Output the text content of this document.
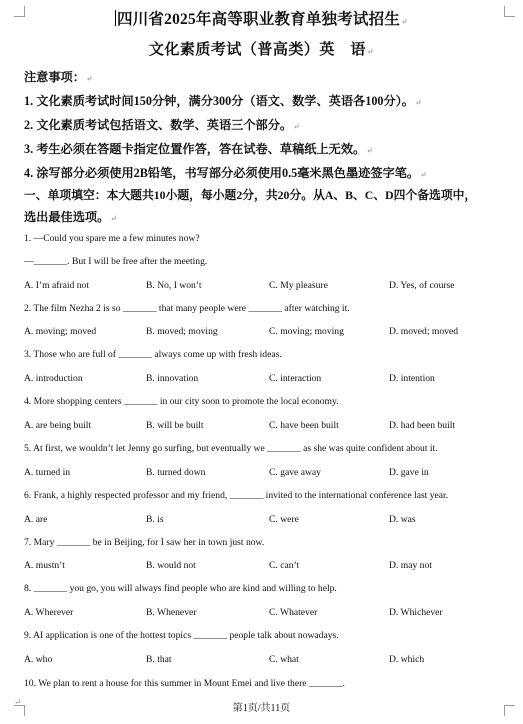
四川省2025年高等职业教育单独考试招生↵
文化素质考试（普高类）英　语↵
注意事项：↵
1. 文化素质考试时间150分钟，满分300分（语文、数学、英语各100分）。↵
2. 文化素质考试包括语文、数学、英语三个部分。↵
3. 考生必须在答题卡指定位置作答，答在试卷、草稿纸上无效。↵
4. 涂写部分必须使用2B铅笔，书写部分必须使用0.5毫米黑色墨迹签字笔。↵
一、单项填空：本大题共10小题，每小题2分，共20分。从A、B、C、D四个备选项中，
选出最佳选项。↵
1. —Could you spare me a few minutes now?
—_______. But I will be free after the meeting.
A. I’m afraid not	B. No, I won’t	C. My pleasure	D. Yes, of course
2. The film Nezha 2 is so _______ that many people were _______ after watching it.
A. moving; moved	B. moved; moving	C. moving; moving	D. moved; moved
3. Those who are full of _______ always come up with fresh ideas.
A. introduction	B. innovation	C. interaction	D. intention
4. More shopping centers _______ in our city soon to promote the local economy.
A. are being built	B. will be built	C. have been built	D. had been built
5. At first, we wouldn’t let Jenny go surfing, but eventually we _______ as she was quite confident about it.
A. turned in	B. turned down	C. gave away	D. gave in
6. Frank, a highly respected professor and my friend, _______ invited to the international conference last year.
A. are	B. is	C. were	D. was
7. Mary _______ be in Beijing, for I saw her in town just now.
A. mustn’t	B. would not	C. can’t	D. may not
8. _______ you go, you will always find people who are kind and willing to help.
A. Wherever	B. Whenever	C. Whatever	D. Whichever
9. AI application is one of the hottest topics _______ people talk about nowadays.
A. who	B. that	C. what	D. which
10. We plan to rent a house for this summer in Mount Emei and live there _______.
↵
第1页/共11页
